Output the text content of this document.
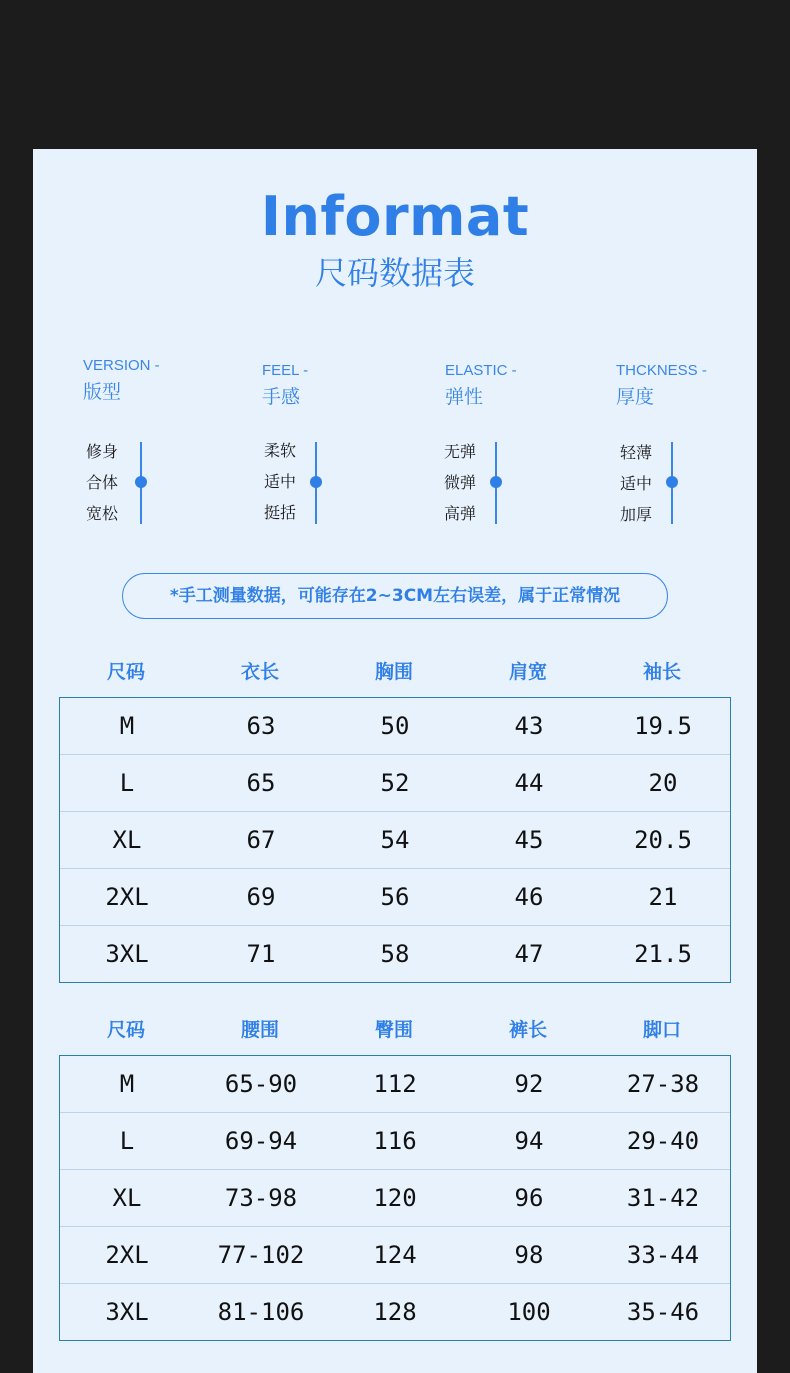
Informat
尺码数据表
VERSION -
版型
FEEL -
手感
ELASTIC -
弹性
THCKNESS -
厚度
修身
合体
宽松
柔软
适中
挺括
无弹
微弹
高弹
轻薄
适中
加厚
*手工测量数据，可能存在2~3CM左右误差，属于正常情况
尺码	衣长	胸围	肩宽	袖长
M	63	50	43	19.5
L	65	52	44	20
XL	67	54	45	20.5
2XL	69	56	46	21
3XL	71	58	47	21.5
尺码	腰围	臀围	裤长	脚口
M	65-90	112	92	27-38
L	69-94	116	94	29-40
XL	73-98	120	96	31-42
2XL	77-102	124	98	33-44
3XL	81-106	128	100	35-46
